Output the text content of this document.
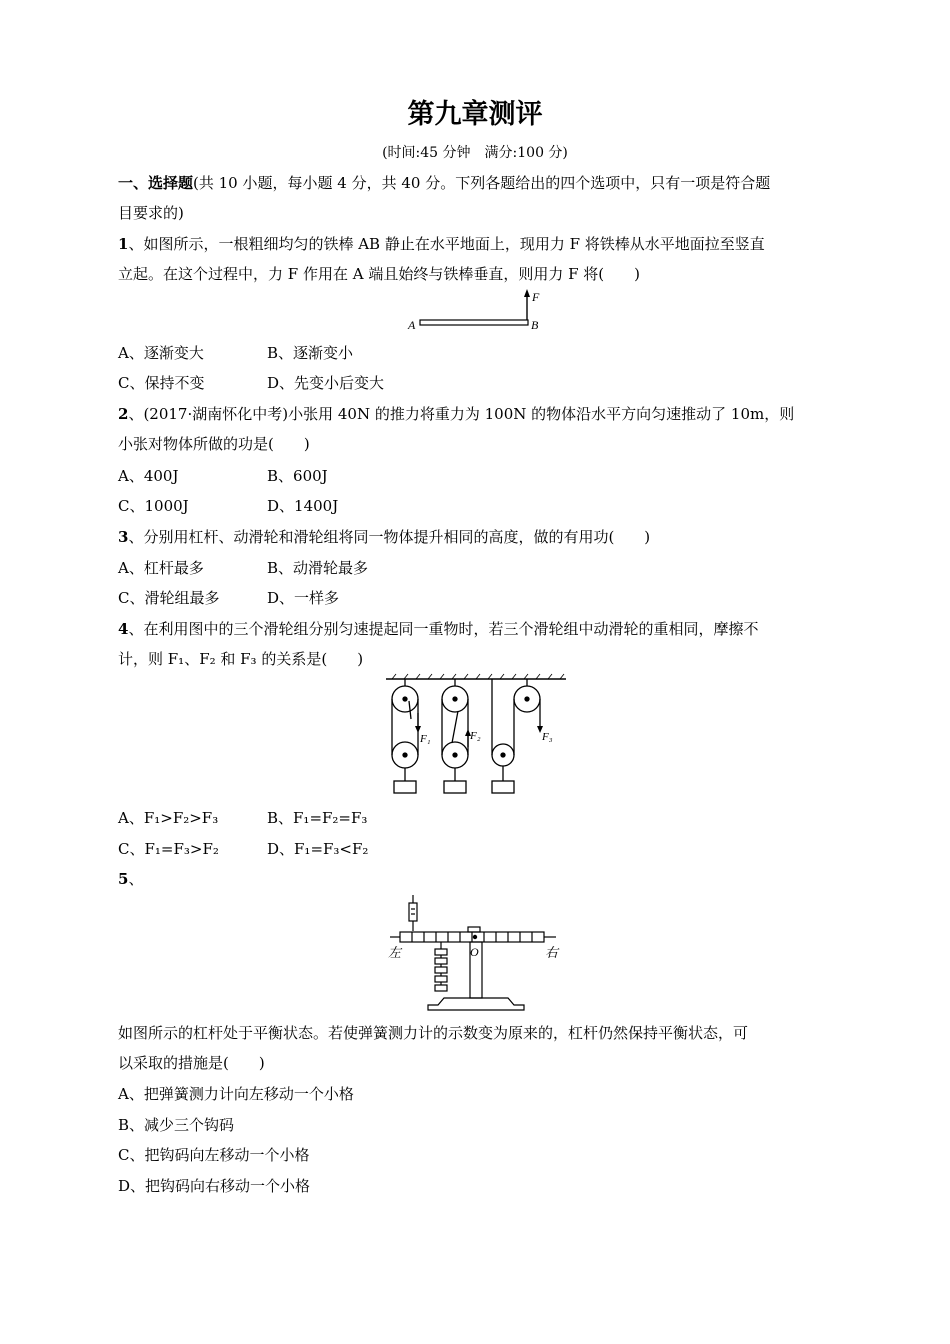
第九章测评
(时间:45 分钟　满分:100 分)
一、选择题(共 10 小题，每小题 4 分，共 40 分。下列各题给出的四个选项中，只有一项是符合题
目要求的)
1、如图所示，一根粗细均匀的铁棒 AB 静止在水平地面上，现用力 F 将铁棒从水平地面拉至竖直
立起。在这个过程中，力 F 作用在 A 端且始终与铁棒垂直，则用力 F 将(　　)
A	B
F
A、逐渐变大	B、逐渐变小
C、保持不变	D、先变小后变大
2、(2017·湖南怀化中考)小张用 40N 的推力将重力为 100N 的物体沿水平方向匀速推动了 10m，则
小张对物体所做的功是(　　)
A、400J	B、600J
C、1000J	D、1400J
3、分别用杠杆、动滑轮和滑轮组将同一物体提升相同的高度，做的有用功(　　)
A、杠杆最多	B、动滑轮最多
C、滑轮组最多	D、一样多
4、在利用图中的三个滑轮组分别匀速提起同一重物时，若三个滑轮组中动滑轮的重相同，摩擦不
计，则 F₁、F₂ 和 F₃ 的关系是(　　)
F₁	F₂	F₃
A、F₁>F₂>F₃	B、F₁=F₂=F₃
C、F₁=F₃>F₂	D、F₁=F₃<F₂
5、
左	O	右
如图所示的杠杆处于平衡状态。若使弹簧测力计的示数变为原来的，杠杆仍然保持平衡状态，可
以采取的措施是(　　)
A、把弹簧测力计向左移动一个小格
B、减少三个钩码
C、把钩码向左移动一个小格
D、把钩码向右移动一个小格
